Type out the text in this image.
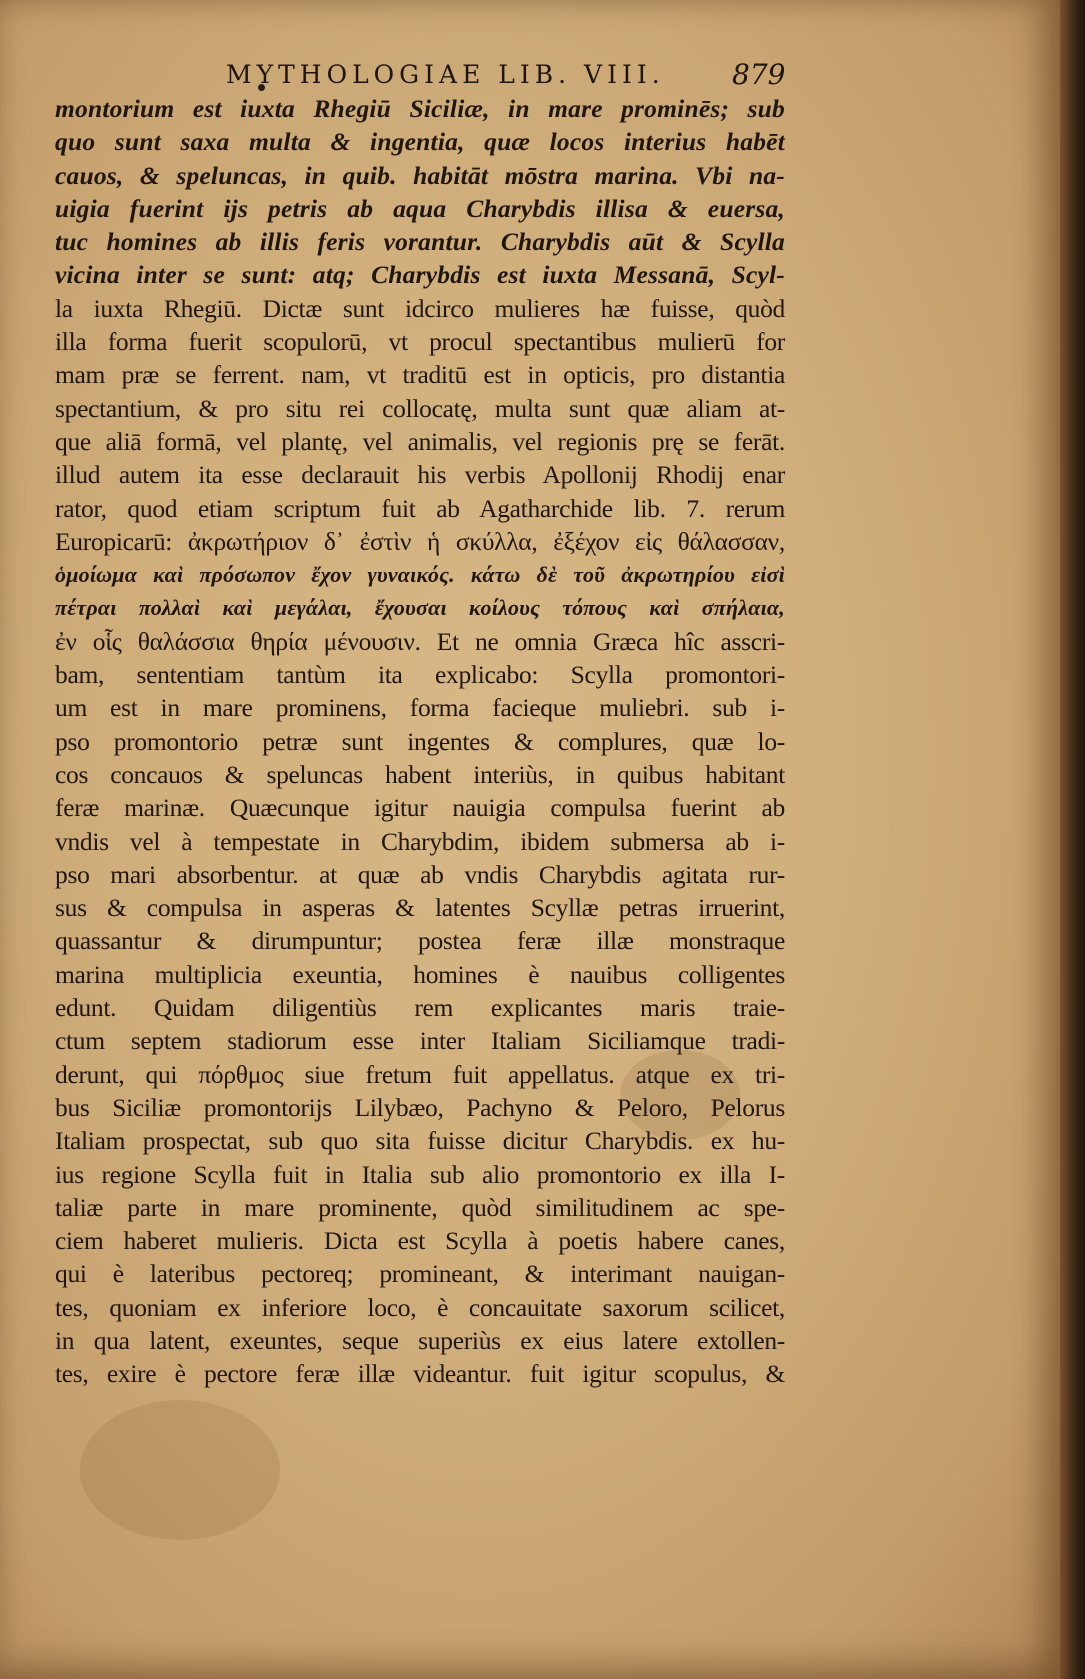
MYTHOLOGIAE LIB. VIII. 879
montorium est iuxta Rhegiū Siciliæ, in mare prominēs; sub
quo sunt saxa multa & ingentia, quæ locos interius habēt
cauos, & speluncas, in quib. habitāt mōstra marina. Vbi na-
uigia fuerint ijs petris ab aqua Charybdis illisa & euersa,
tuc homines ab illis feris vorantur. Charybdis aūt & Scylla
vicina inter se sunt: atq; Charybdis est iuxta Messanā, Scyl-
la iuxta Rhegiū. Dictæ sunt idcirco mulieres hæ fuisse, quòd
illa forma fuerit scopulorū, vt procul spectantibus mulierū for
mam præ se ferrent. nam, vt traditū est in opticis, pro distantia
spectantium, & pro situ rei collocatę, multa sunt quæ aliam at-
que aliā formā, vel plantę, vel animalis, vel regionis prę se ferāt.
illud autem ita esse declarauit his verbis Apollonij Rhodij enar
rator, quod etiam scriptum fuit ab Agatharchide lib. 7. rerum
Europicarū: ἀκρωτήριον δ᾽ ἐστὶν ἡ σκύλλα, ἐξέχον εἰς θάλασσαν,
ὁμοίωμα καὶ πρόσωπον ἔχον γυναικός. κάτω δὲ τοῦ ἀκρωτηρίου εἰσὶ
πέτραι πολλαὶ καὶ μεγάλαι, ἔχουσαι κοίλους τόπους καὶ σπήλαια,
ἐν οἷς θαλάσσια θηρία μένουσιν. Et ne omnia Græca hîc asscri-
bam, sententiam tantùm ita explicabo: Scylla promontori-
um est in mare prominens, forma facieque muliebri. sub i-
pso promontorio petræ sunt ingentes & complures, quæ lo-
cos concauos & speluncas habent interiùs, in quibus habitant
feræ marinæ. Quæcunque igitur nauigia compulsa fuerint ab
vndis vel à tempestate in Charybdim, ibidem submersa ab i-
pso mari absorbentur. at quæ ab vndis Charybdis agitata rur-
sus & compulsa in asperas & latentes Scyllæ petras irruerint,
quassantur & dirumpuntur; postea feræ illæ monstraque
marina multiplicia exeuntia, homines è nauibus colligentes
edunt. Quidam diligentiùs rem explicantes maris traie-
ctum septem stadiorum esse inter Italiam Siciliamque tradi-
derunt, qui πόρθμος siue fretum fuit appellatus. atque ex tri-
bus Siciliæ promontorijs Lilybæo, Pachyno & Peloro, Pelorus
Italiam prospectat, sub quo sita fuisse dicitur Charybdis. ex hu-
ius regione Scylla fuit in Italia sub alio promontorio ex illa I-
taliæ parte in mare prominente, quòd similitudinem ac spe-
ciem haberet mulieris. Dicta est Scylla à poetis habere canes,
qui è lateribus pectoreq; promineant, & interimant nauigan-
tes, quoniam ex inferiore loco, è concauitate saxorum scilicet,
in qua latent, exeuntes, seque superiùs ex eius latere extollen-
tes, exire è pectore feræ illæ videantur. fuit igitur scopulus, &
